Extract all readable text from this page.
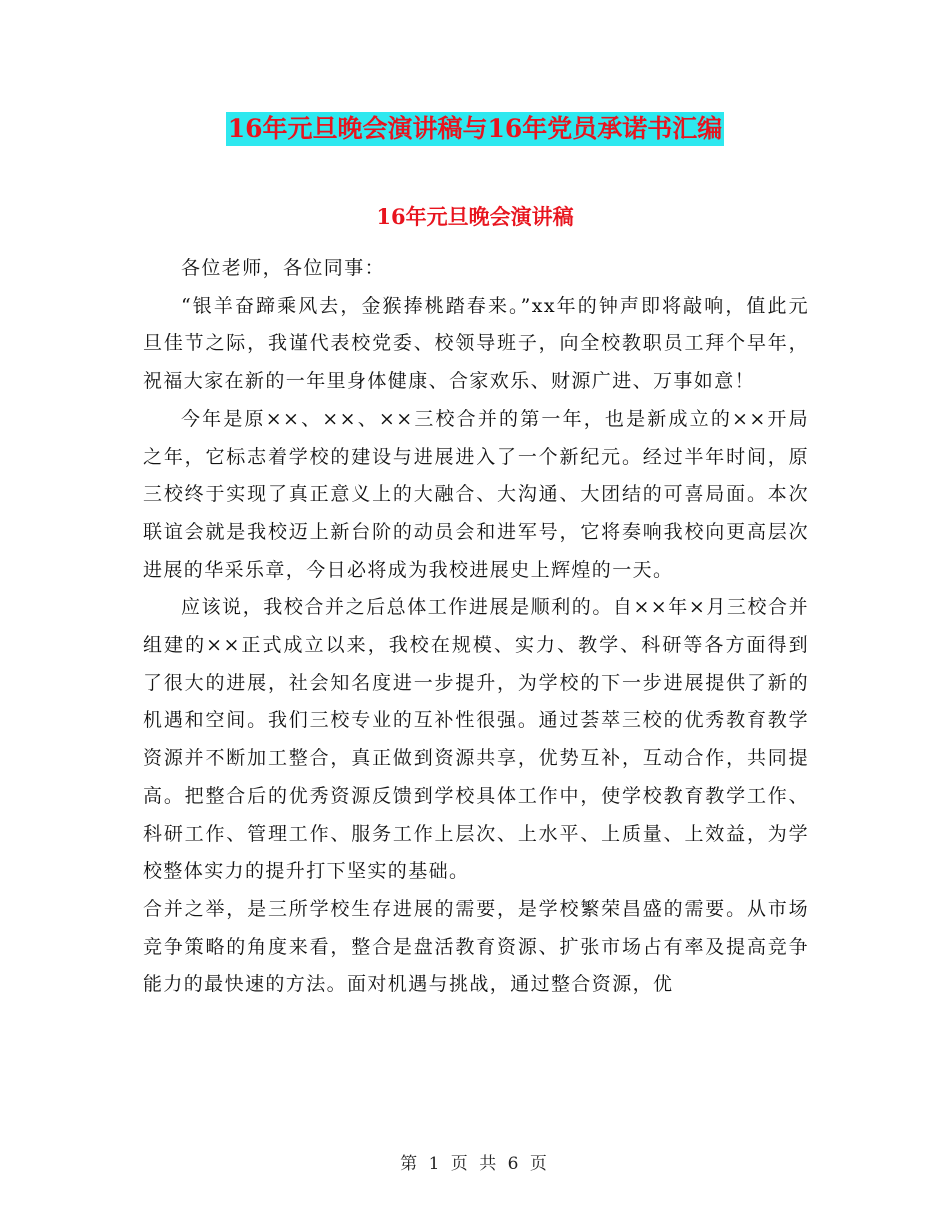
16年元旦晚会演讲稿与16年党员承诺书汇编
16年元旦晚会演讲稿

各位老师，各位同事：

“银羊奋蹄乘风去，金猴捧桃踏春来。”xx年的钟声即将敲响，值此元旦佳节之际，我谨代表校党委、校领导班子，向全校教职员工拜个早年，祝福大家在新的一年里身体健康、合家欢乐、财源广进、万事如意！

今年是原××、××、××三校合并的第一年，也是新成立的××开局之年，它标志着学校的建设与进展进入了一个新纪元。经过半年时间，原三校终于实现了真正意义上的大融合、大沟通、大团结的可喜局面。本次联谊会就是我校迈上新台阶的动员会和进军号，它将奏响我校向更高层次进展的华采乐章，今日必将成为我校进展史上辉煌的一天。

应该说，我校合并之后总体工作进展是顺利的。自××年×月三校合并组建的××正式成立以来，我校在规模、实力、教学、科研等各方面得到了很大的进展，社会知名度进一步提升，为学校的下一步进展提供了新的机遇和空间。我们三校专业的互补性很强。通过荟萃三校的优秀教育教学资源并不断加工整合，真正做到资源共享，优势互补，互动合作，共同提高。把整合后的优秀资源反馈到学校具体工作中，使学校教育教学工作、科研工作、管理工作、服务工作上层次、上水平、上质量、上效益，为学校整体实力的提升打下坚实的基础。

合并之举，是三所学校生存进展的需要，是学校繁荣昌盛的需要。从市场竞争策略的角度来看，整合是盘活教育资源、扩张市场占有率及提高竞争能力的最快速的方法。面对机遇与挑战，通过整合资源，优

第 1 页 共 6 页
